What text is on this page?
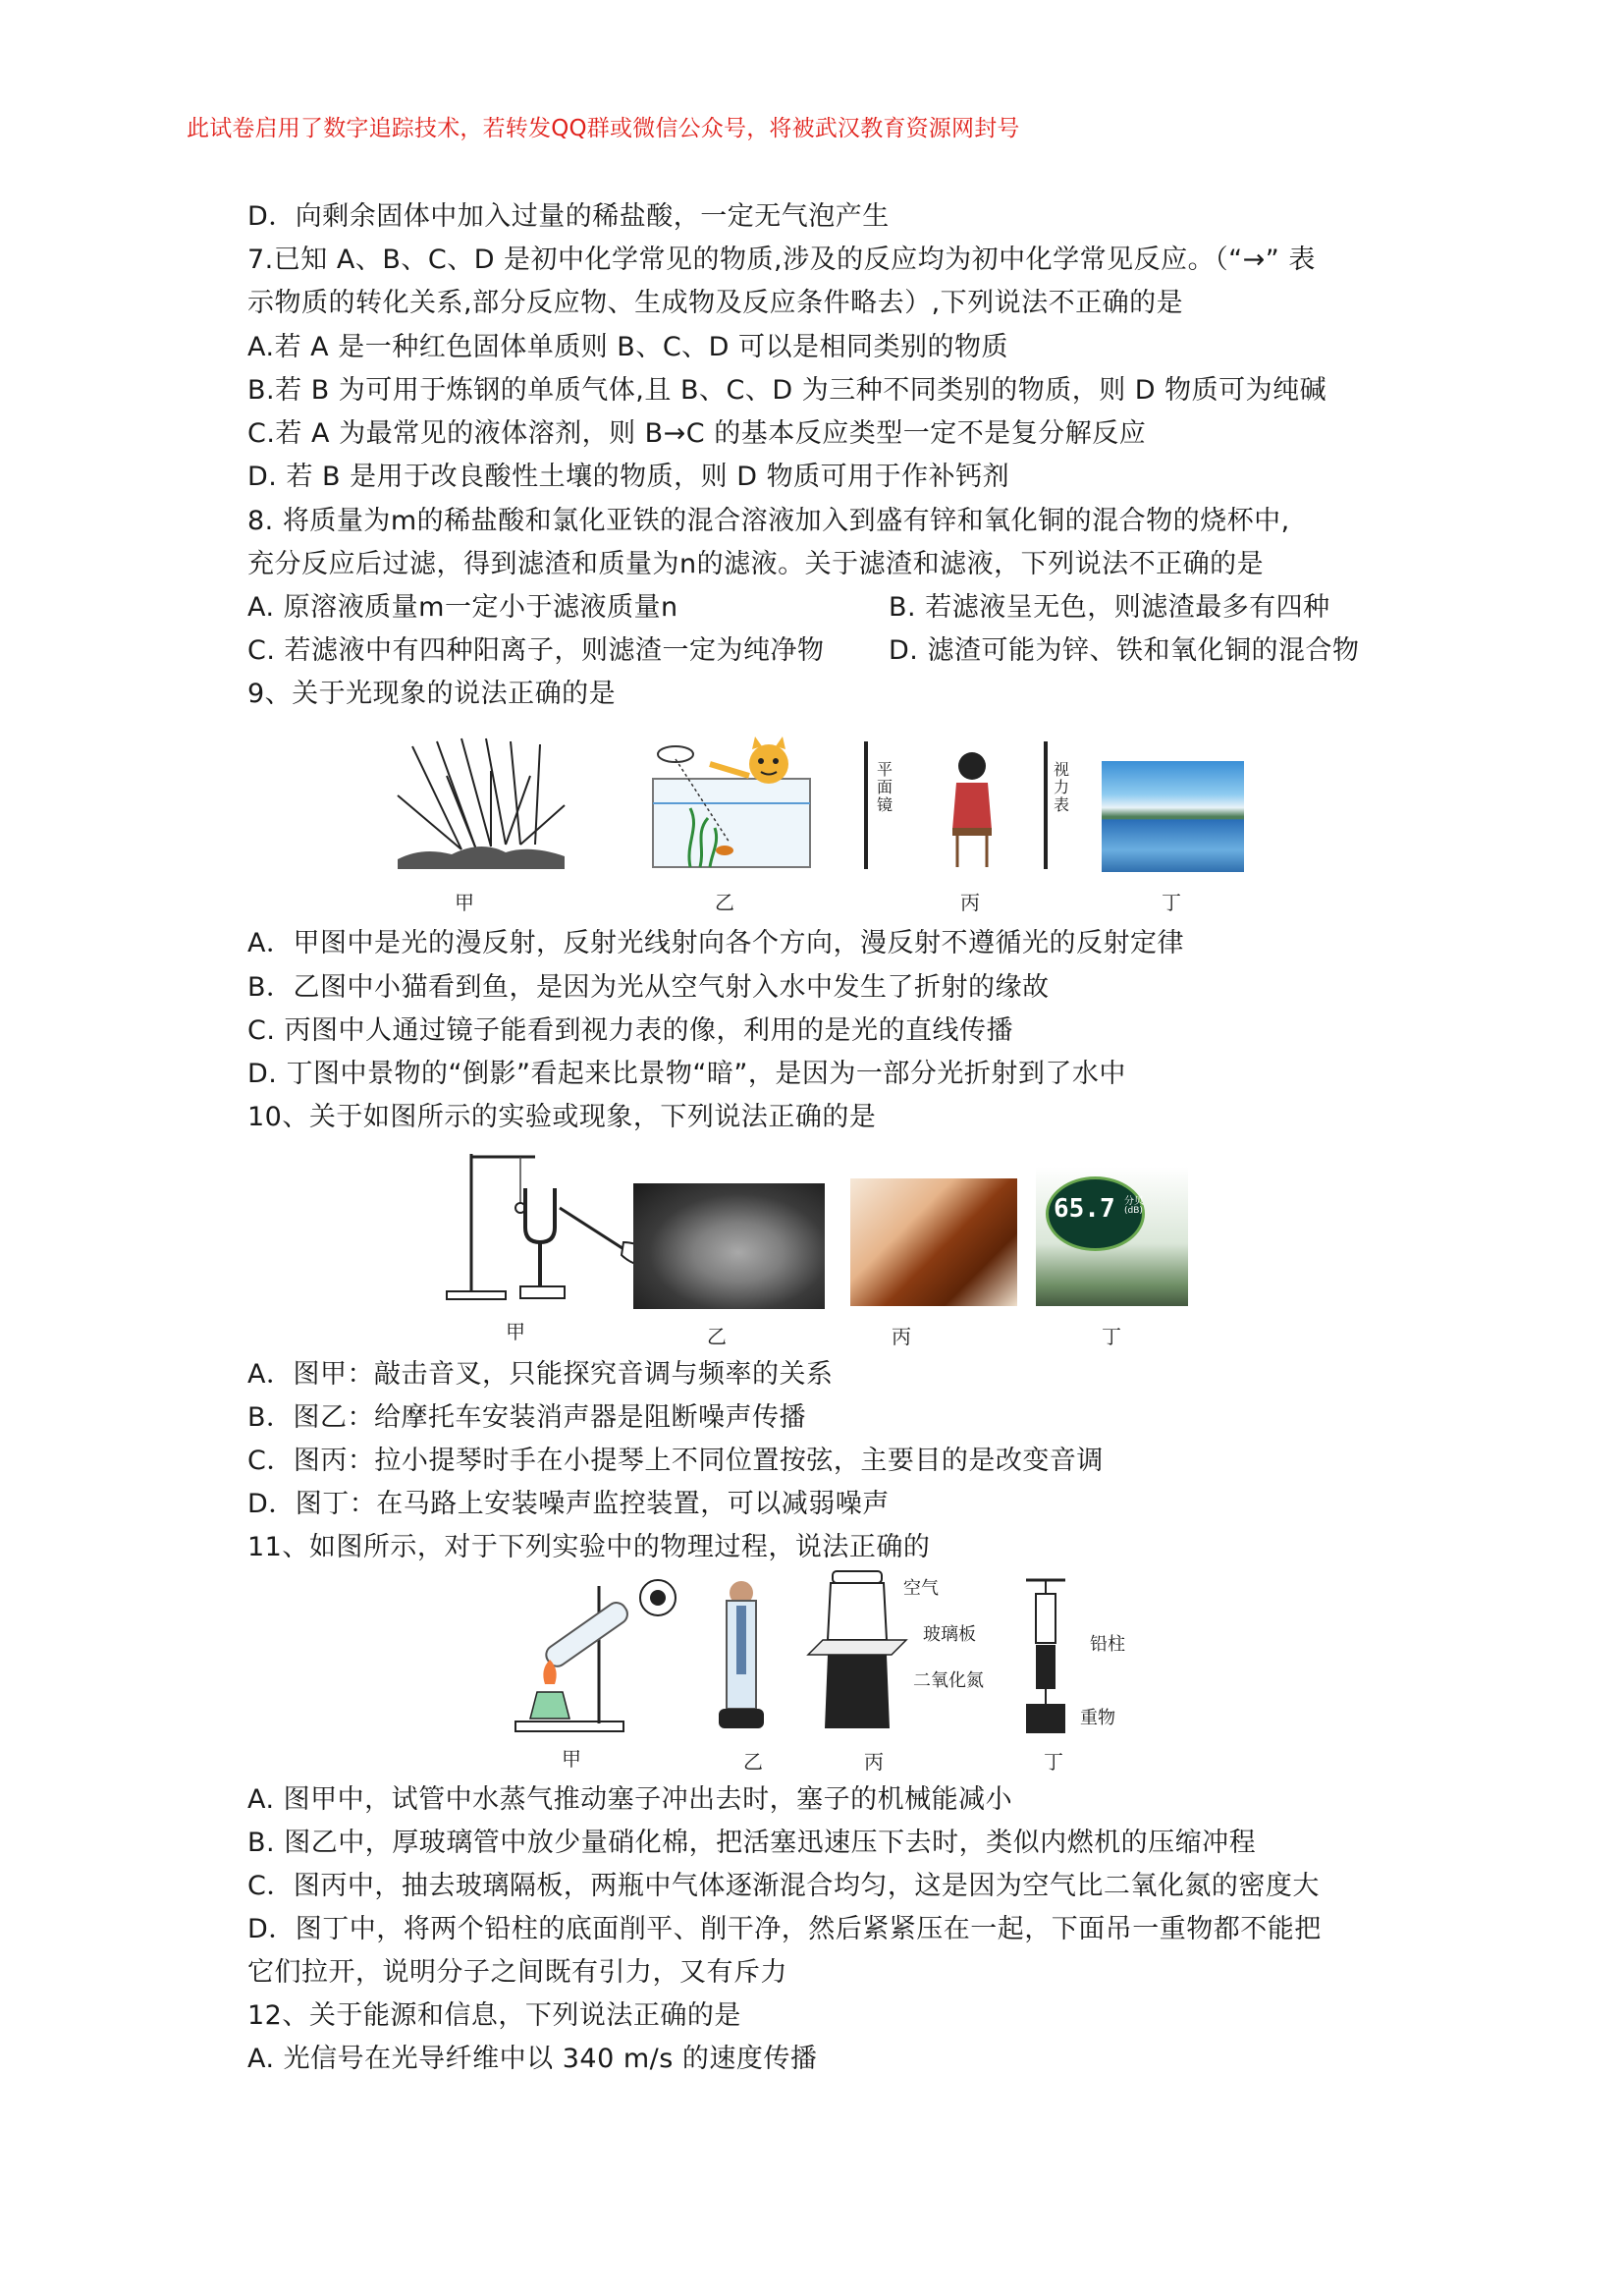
此试卷启用了数字追踪技术，若转发QQ群或微信公众号，将被武汉教育资源网封号
D．向剩余固体中加入过量的稀盐酸，一定无气泡产生
7.已知 A、B、C、D 是初中化学常见的物质,涉及的反应均为初中化学常见反应。（“→” 表
示物质的转化关系,部分反应物、生成物及反应条件略去）,下列说法不正确的是
A.若 A 是一种红色固体单质则 B、C、D 可以是相同类别的物质
B.若 B 为可用于炼钢的单质气体,且 B、C、D 为三种不同类别的物质，则 D 物质可为纯碱
C.若 A 为最常见的液体溶剂，则 B→C 的基本反应类型一定不是复分解反应
D. 若 B 是用于改良酸性土壤的物质，则 D 物质可用于作补钙剂
8. 将质量为m的稀盐酸和氯化亚铁的混合溶液加入到盛有锌和氧化铜的混合物的烧杯中,
充分反应后过滤，得到滤渣和质量为n的滤液。关于滤渣和滤液，下列说法不正确的是
A. 原溶液质量m一定小于滤液质量n	B. 若滤液呈无色，则滤渣最多有四种
C. 若滤液中有四种阳离子，则滤渣一定为纯净物 D. 滤渣可能为锌、铁和氧化铜的混合物
9、关于光现象的说法正确的是
平面镜
视力表
甲	乙	丙	丁
A．甲图中是光的漫反射，反射光线射向各个方向，漫反射不遵循光的反射定律
B．乙图中小猫看到鱼，是因为光从空气射入水中发生了折射的缘故
C. 丙图中人通过镜子能看到视力表的像，利用的是光的直线传播
D. 丁图中景物的“倒影”看起来比景物“暗”，是因为一部分光折射到了水中
10、关于如图所示的实验或现象，下列说法正确的是
65.7 分贝
(dB)
甲	乙	丙	丁
A．图甲：敲击音叉，只能探究音调与频率的关系
B．图乙：给摩托车安装消声器是阻断噪声传播
C．图丙：拉小提琴时手在小提琴上不同位置按弦，主要目的是改变音调
D．图丁：在马路上安装噪声监控装置，可以减弱噪声
11、如图所示，对于下列实验中的物理过程，说法正确的
空气
玻璃板
二氧化氮
铅柱
重物
甲	乙	丙	丁
A. 图甲中，试管中水蒸气推动塞子冲出去时，塞子的机械能减小
B. 图乙中，厚玻璃管中放少量硝化棉，把活塞迅速压下去时，类似内燃机的压缩冲程
C．图丙中，抽去玻璃隔板，两瓶中气体逐渐混合均匀，这是因为空气比二氧化氮的密度大
D．图丁中，将两个铅柱的底面削平、削干净，然后紧紧压在一起，下面吊一重物都不能把
它们拉开，说明分子之间既有引力，又有斥力
12、关于能源和信息，下列说法正确的是
A. 光信号在光导纤维中以 340 m/s 的速度传播
